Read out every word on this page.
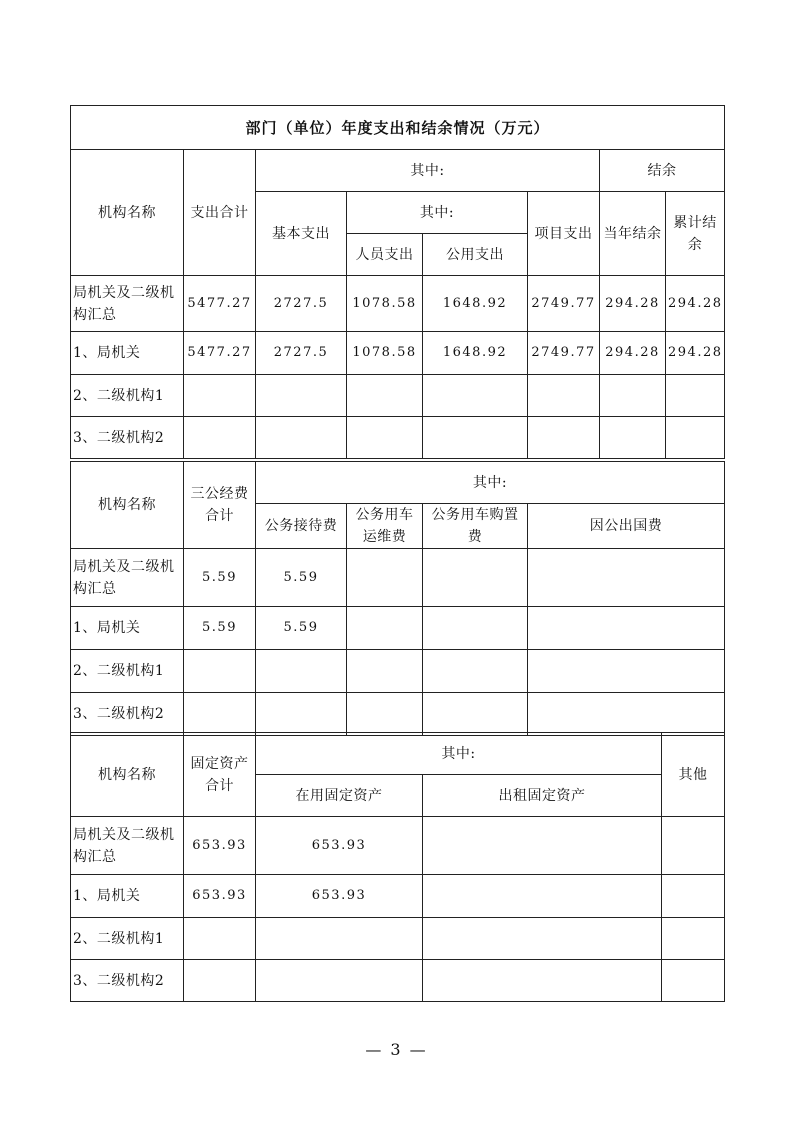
部门（单位）年度支出和结余情况（万元）							
机构名称	支出合计	其中:				结余	
		基本支出	其中:		项目支出	当年结余	累计结余
			人员支出	公用支出			
局机关及二级机构汇总	5477.27	2727.5	1078.58	1648.92	2749.77	294.28	294.28
1、局机关	5477.27	2727.5	1078.58	1648.92	2749.77	294.28	294.28
2、二级机构1							
3、二级机构2							
机构名称	三公经费合计	其中:			
		公务接待费	公务用车运维费	公务用车购置费	因公出国费
局机关及二级机构汇总	5.59	5.59			
1、局机关	5.59	5.59			
2、二级机构1					
3、二级机构2					
机构名称	固定资产合计	其中:		其他
		在用固定资产	出租固定资产	
局机关及二级机构汇总	653.93	653.93		
1、局机关	653.93	653.93		
2、二级机构1				
3、二级机构2				
— 3 —
